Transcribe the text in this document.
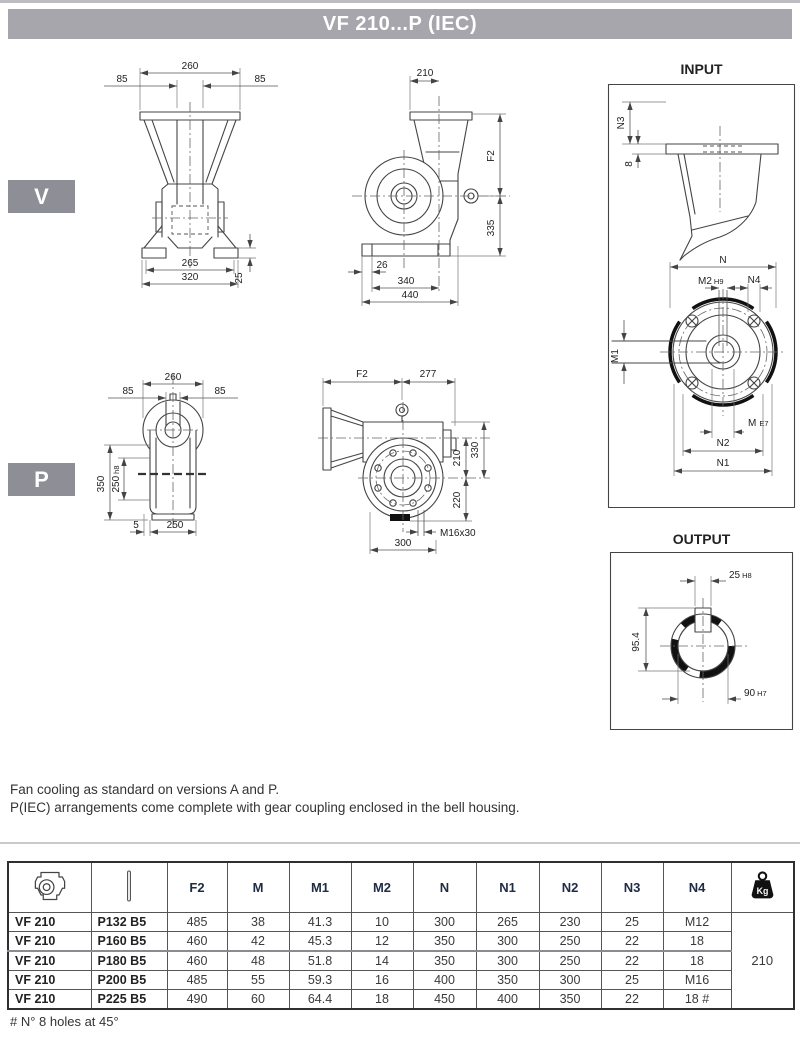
VF 210...P (IEC)
V
P
INPUT
OUTPUT
260
85	85
265
320	25
210
F2
335
26
340
440
N3
8
N
M2 H9 N4
M1
M E7
N2
N1
260
85	85
350 250h8
5	250
F2	277
330
210
220
M16x30
300
25 H8
95.4
90 H7
Fan cooling as standard on versions A and P.
P(IEC) arrangements come complete with gear coupling enclosed in the bell housing.
		F2	M	M1	M2	N	N1	N2	N3	N4	Kg

VF 210	P132 B5	485	38	41.3	10	300	265	230	25	M12	210
VF 210	P160 B5	460	42	45.3	12	350	300	250	22	18	
VF 210	P180 B5	460	48	51.8	14	350	300	250	22	18	
VF 210	P200 B5	485	55	59.3	16	400	350	300	25	M16	
VF 210	P225 B5	490	60	64.4	18	450	400	350	22	18 #	
# N° 8 holes at 45°
